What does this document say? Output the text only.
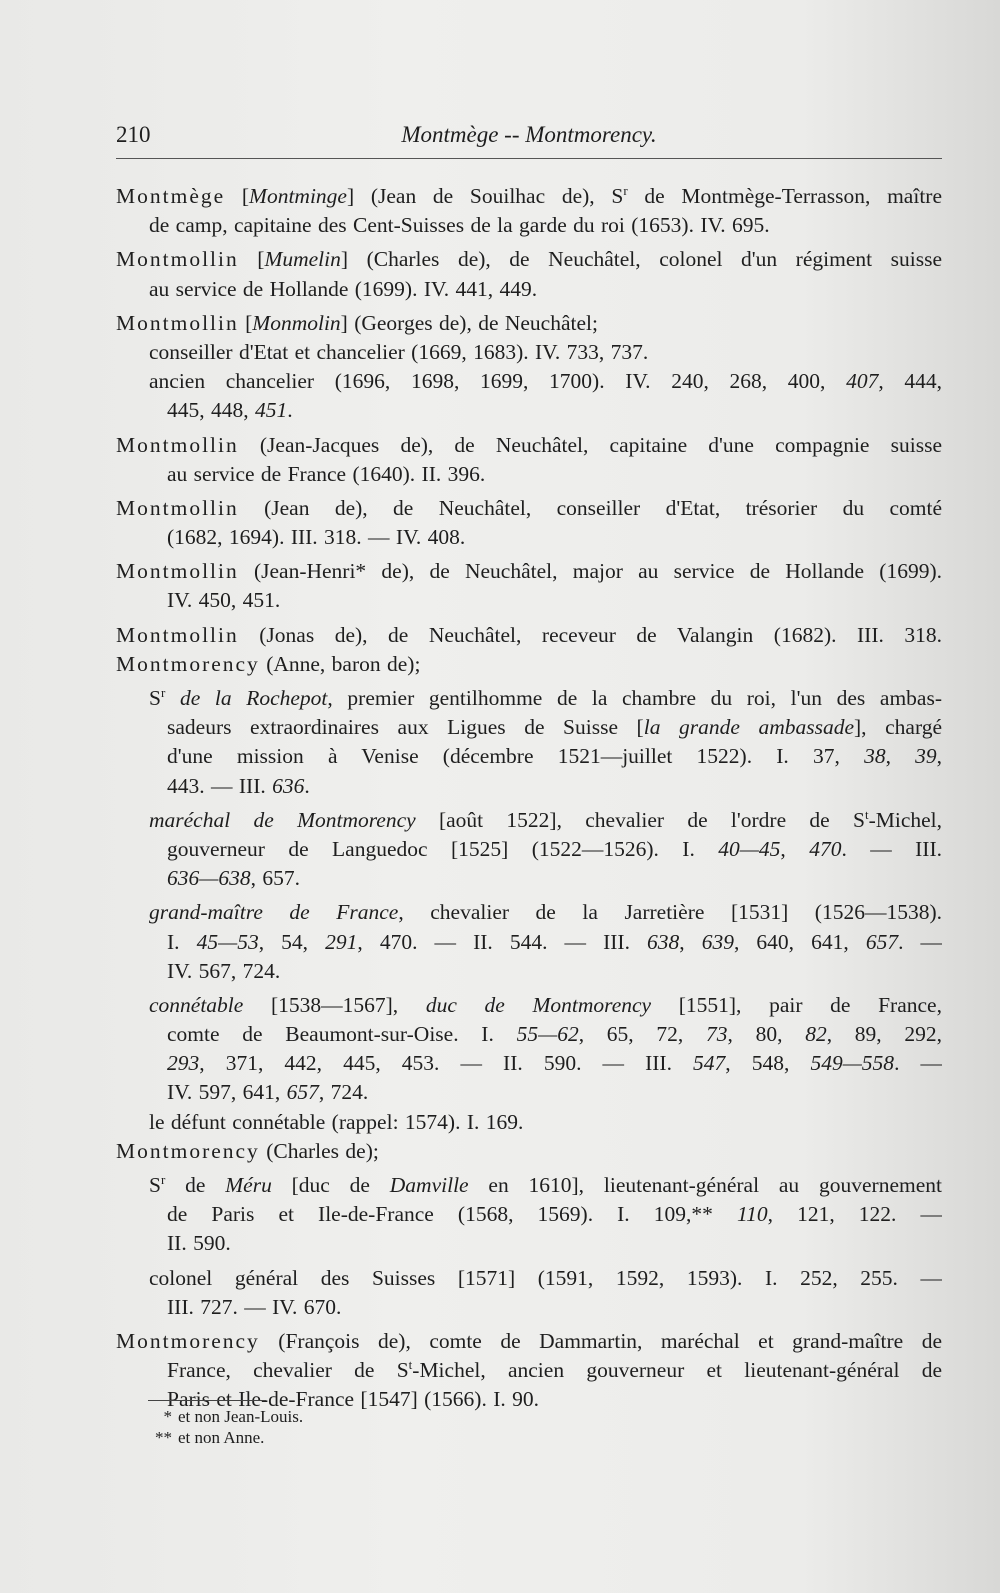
210	Montmège -- Montmorency.
Montmège [Montminge] (Jean de Souilhac de), $S^r$ de Montmège-Terrasson, maître
de camp, capitaine des Cent-Suisses de la garde du roi (1653). IV. 695.
Montmollin [Mumelin] (Charles de), de Neuchâtel, colonel d'un régiment suisse
au service de Hollande (1699). IV. 441, 449.
Montmollin [Monmolin] (Georges de), de Neuchâtel;
conseiller d'Etat et chancelier (1669, 1683). IV. 733, 737.
ancien chancelier (1696, 1698, 1699, 1700). IV. 240, 268, 400, 407, 444,
445, 448, 451.
Montmollin (Jean-Jacques de), de Neuchâtel, capitaine d'une compagnie suisse
au service de France (1640). II. 396.
Montmollin (Jean de), de Neuchâtel, conseiller d'Etat, trésorier du comté
(1682, 1694). III. 318. — IV. 408.
Montmollin (Jean-Henri* de), de Neuchâtel, major au service de Hollande (1699).
IV. 450, 451.
Montmollin (Jonas de), de Neuchâtel, receveur de Valangin (1682). III. 318.
Montmorency (Anne, baron de);
$S^r$ de la Rochepot, premier gentilhomme de la chambre du roi, l'un des ambas-
sadeurs extraordinaires aux Ligues de Suisse [la grande ambassade], chargé
d'une mission à Venise (décembre 1521—juillet 1522). I. 37, 38, 39,
443. — III. 636.
maréchal de Montmorency [août 1522], chevalier de l'ordre de $S^t$-Michel,
gouverneur de Languedoc [1525] (1522—1526). I. 40—45, 470. — III.
636—638, 657.
grand-maître de France, chevalier de la Jarretière [1531] (1526—1538).
I. 45—53, 54, 291, 470. — II. 544. — III. 638, 639, 640, 641, 657. —
IV. 567, 724.
connétable [1538—1567], duc de Montmorency [1551], pair de France,
comte de Beaumont-sur-Oise. I. 55—62, 65, 72, 73, 80, 82, 89, 292,
293, 371, 442, 445, 453. — II. 590. — III. 547, 548, 549—558. —
IV. 597, 641, 657, 724.
le défunt connétable (rappel: 1574). I. 169.
Montmorency (Charles de);
$S^r$ de Méru [duc de Damville en 1610], lieutenant-général au gouvernement
de Paris et Ile-de-France (1568, 1569). I. 109,** 110, 121, 122. —
II. 590.
colonel général des Suisses [1571] (1591, 1592, 1593). I. 252, 255. —
III. 727. — IV. 670.
Montmorency (François de), comte de Dammartin, maréchal et grand-maître de
France, chevalier de $S^t$-Michel, ancien gouverneur et lieutenant-général de
Paris et Ile-de-France [1547] (1566). I. 90.
* et non Jean-Louis.
** et non Anne.
